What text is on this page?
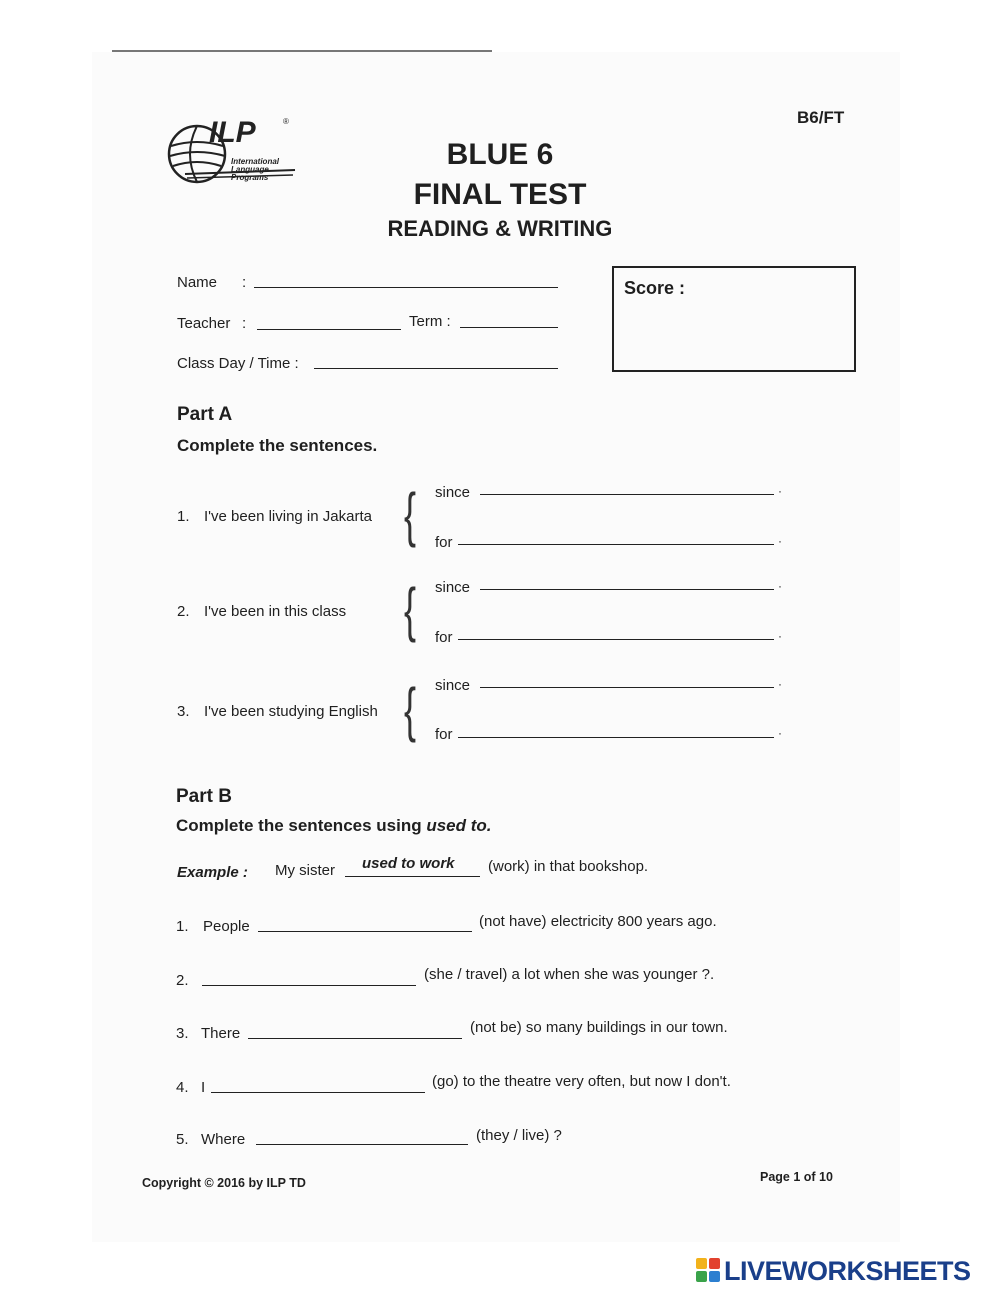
B6/FT
ILP	®
International
Language
Programs
BLUE 6
FINAL TEST
READING & WRITING
Name :
Teacher :	Term :
Class Day / Time :
Score :
Part A
Complete the sentences.
1. I've been living in Jakarta { since	·
for	·
2. I've been in this class { since	·
for	·
3. I've been studying English { since	·
for	·
Part B
Complete the sentences using used to.
Example : My sister used to work (work) in that bookshop.
1. People	(not have) electricity 800 years ago.
2.	(she / travel) a lot when she was younger ?.
3. There	(not be) so many buildings in our town.
4. I	(go) to the theatre very often, but now I don't.
5. Where	(they / live) ?
Copyright © 2016 by ILP TD	Page 1 of 10
LIVEWORKSHEETS
